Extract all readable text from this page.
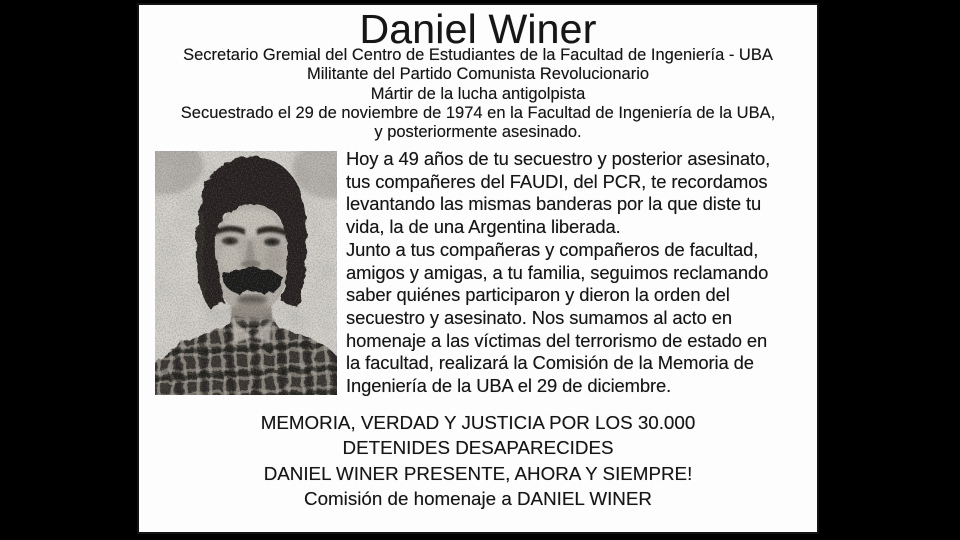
Daniel Winer
Secretario Gremial del Centro de Estudiantes de la Facultad de Ingeniería - UBA
Militante del Partido Comunista Revolucionario
Mártir de la lucha antigolpista
Secuestrado el 29 de noviembre de 1974 en la Facultad de Ingeniería de la UBA,
y posteriormente asesinado.
Hoy a 49 años de tu secuestro y posterior asesinato,
tus compañeres del FAUDI, del PCR, te recordamos
levantando las mismas banderas por la que diste tu
vida, la de una Argentina liberada.
Junto a tus compañeras y compañeros de facultad,
amigos y amigas, a tu familia, seguimos reclamando
saber quiénes participaron y dieron la orden del
secuestro y asesinato. Nos sumamos al acto en
homenaje a las víctimas del terrorismo de estado en
la facultad, realizará la Comisión de la Memoria de
Ingeniería de la UBA el 29 de diciembre.
MEMORIA, VERDAD Y JUSTICIA POR LOS 30.000
DETENIDES DESAPARECIDES
DANIEL WINER PRESENTE, AHORA Y SIEMPRE!
Comisión de homenaje a DANIEL WINER
